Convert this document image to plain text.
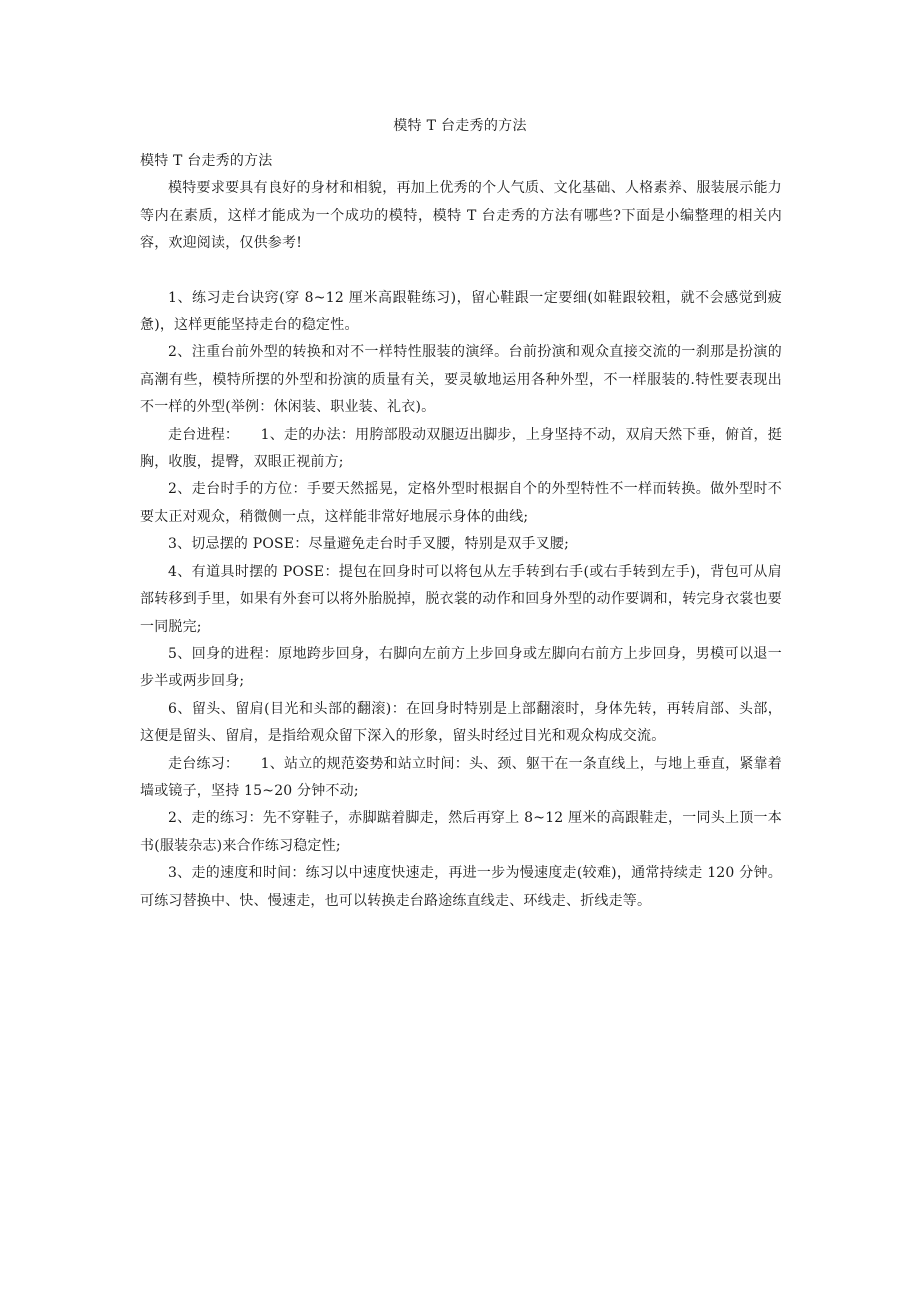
模特 T 台走秀的方法

模特 T 台走秀的方法

模特要求要具有良好的身材和相貌，再加上优秀的个人气质、文化基础、人格素养、服装展示能力等内在素质，这样才能成为一个成功的模特，模特 T 台走秀的方法有哪些?下面是小编整理的相关内容，欢迎阅读，仅供参考!

1、练习走台诀窍(穿 8~12 厘米高跟鞋练习)，留心鞋跟一定要细(如鞋跟较粗，就不会感觉到疲惫)，这样更能坚持走台的稳定性。

2、注重台前外型的转换和对不一样特性服装的演绎。台前扮演和观众直接交流的一刹那是扮演的高潮有些，模特所摆的外型和扮演的质量有关，要灵敏地运用各种外型，不一样服装的.特性要表现出不一样的外型(举例：休闲装、职业装、礼衣)。

走台进程：　　1、走的办法：用胯部股动双腿迈出脚步，上身坚持不动，双肩天然下垂，俯首，挺胸，收腹，提臀，双眼正视前方;

2、走台时手的方位：手要天然摇晃，定格外型时根据自个的外型特性不一样而转换。做外型时不要太正对观众，稍微侧一点，这样能非常好地展示身体的曲线;

3、切忌摆的 POSE：尽量避免走台时手叉腰，特别是双手叉腰;

4、有道具时摆的 POSE：提包在回身时可以将包从左手转到右手(或右手转到左手)，背包可从肩部转移到手里，如果有外套可以将外胎脱掉，脱衣裳的动作和回身外型的动作要调和，转完身衣裳也要一同脱完;

5、回身的进程：原地跨步回身，右脚向左前方上步回身或左脚向右前方上步回身，男模可以退一步半或两步回身;

6、留头、留肩(目光和头部的翻滚)：在回身时特别是上部翻滚时，身体先转，再转肩部、头部，这便是留头、留肩，是指给观众留下深入的形象，留头时经过目光和观众构成交流。

走台练习：　　1、站立的规范姿势和站立时间：头、颈、躯干在一条直线上，与地上垂直，紧靠着墙或镜子，坚持 15~20 分钟不动;

2、走的练习：先不穿鞋子，赤脚踮着脚走，然后再穿上 8~12 厘米的高跟鞋走，一同头上顶一本书(服装杂志)来合作练习稳定性;

3、走的速度和时间：练习以中速度快速走，再进一步为慢速度走(较难)，通常持续走 120 分钟。可练习替换中、快、慢速走，也可以转换走台路途练直线走、环线走、折线走等。
